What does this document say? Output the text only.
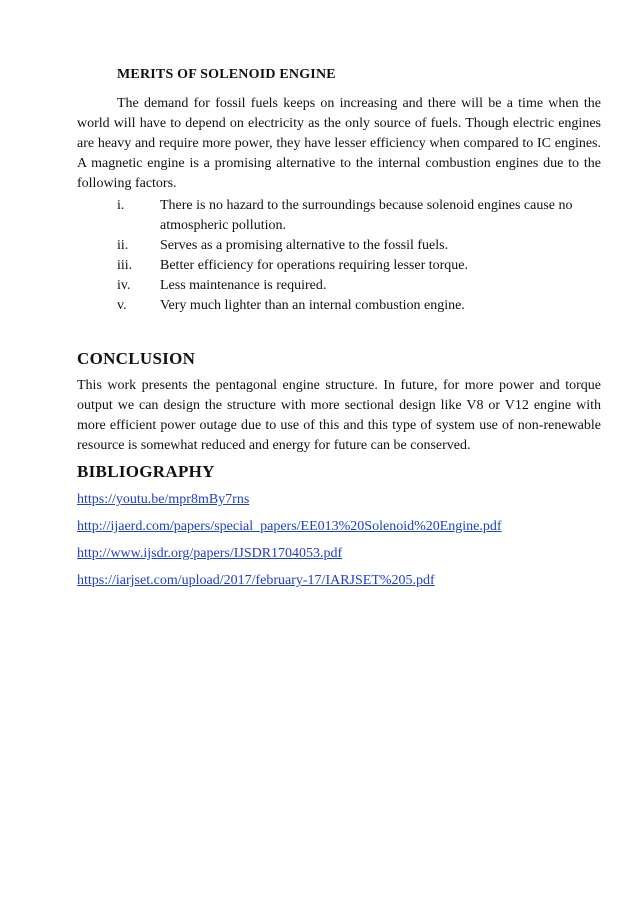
MERITS OF SOLENOID ENGINE

The demand for fossil fuels keeps on increasing and there will be a time when the world will have to depend on electricity as the only source of fuels. Though electric engines are heavy and require more power, they have lesser efficiency when compared to IC engines. A magnetic engine is a promising alternative to the internal combustion engines due to the following factors.

i.	There is no hazard to the surroundings because solenoid engines cause no atmospheric pollution.
ii. Serves as a promising alternative to the fossil fuels.
iii. Better efficiency for operations requiring lesser torque.
iv. Less maintenance is required.
v. Very much lighter than an internal combustion engine.
CONCLUSION

This work presents the pentagonal engine structure. In future, for more power and torque output we can design the structure with more sectional design like V8 or V12 engine with more efficient power outage due to use of this and this type of system use of non-renewable resource is somewhat reduced and energy for future can be conserved.

BIBLIOGRAPHY
https://youtu.be/mpr8mBy7rns
http://ijaerd.com/papers/special_papers/EE013%20Solenoid%20Engine.pdf
http://www.ijsdr.org/papers/IJSDR1704053.pdf
https://iarjset.com/upload/2017/february-17/IARJSET%205.pdf
